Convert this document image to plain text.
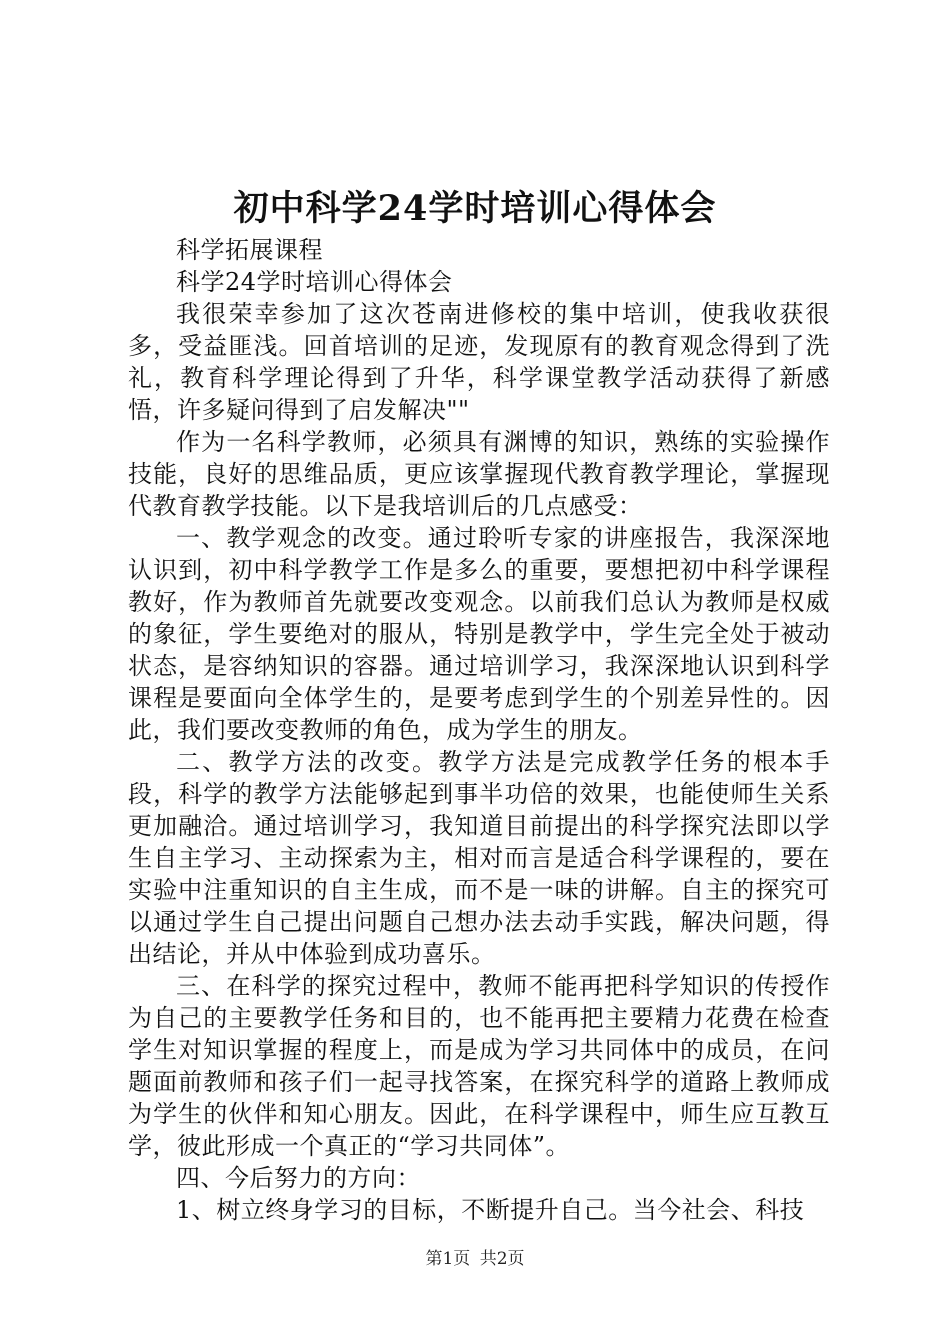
初中科学24学时培训心得体会

科学拓展课程

科学24学时培训心得体会

我很荣幸参加了这次苍南进修校的集中培训，使我收获很多，受益匪浅。回首培训的足迹，发现原有的教育观念得到了洗礼，教育科学理论得到了升华，科学课堂教学活动获得了新感悟，许多疑问得到了启发解决""

作为一名科学教师，必须具有渊博的知识，熟练的实验操作技能，良好的思维品质，更应该掌握现代教育教学理论，掌握现代教育教学技能。以下是我培训后的几点感受：

一、教学观念的改变。通过聆听专家的讲座报告，我深深地认识到，初中科学教学工作是多么的重要，要想把初中科学课程教好，作为教师首先就要改变观念。以前我们总认为教师是权威的象征，学生要绝对的服从，特别是教学中，学生完全处于被动状态，是容纳知识的容器。通过培训学习，我深深地认识到科学课程是要面向全体学生的，是要考虑到学生的个别差异性的。因此，我们要改变教师的角色，成为学生的朋友。

二、教学方法的改变。教学方法是完成教学任务的根本手段，科学的教学方法能够起到事半功倍的效果，也能使师生关系更加融洽。通过培训学习，我知道目前提出的科学探究法即以学生自主学习、主动探索为主，相对而言是适合科学课程的，要在实验中注重知识的自主生成，而不是一味的讲解。自主的探究可以通过学生自己提出问题自己想办法去动手实践，解决问题，得出结论，并从中体验到成功喜乐。

三、在科学的探究过程中，教师不能再把科学知识的传授作为自己的主要教学任务和目的，也不能再把主要精力花费在检查学生对知识掌握的程度上，而是成为学习共同体中的成员，在问题面前教师和孩子们一起寻找答案，在探究科学的道路上教师成为学生的伙伴和知心朋友。因此，在科学课程中，师生应互教互学，彼此形成一个真正的“学习共同体”。

四、今后努力的方向：

1、树立终身学习的目标，不断提升自己。当今社会、科技

第1页 共2页
